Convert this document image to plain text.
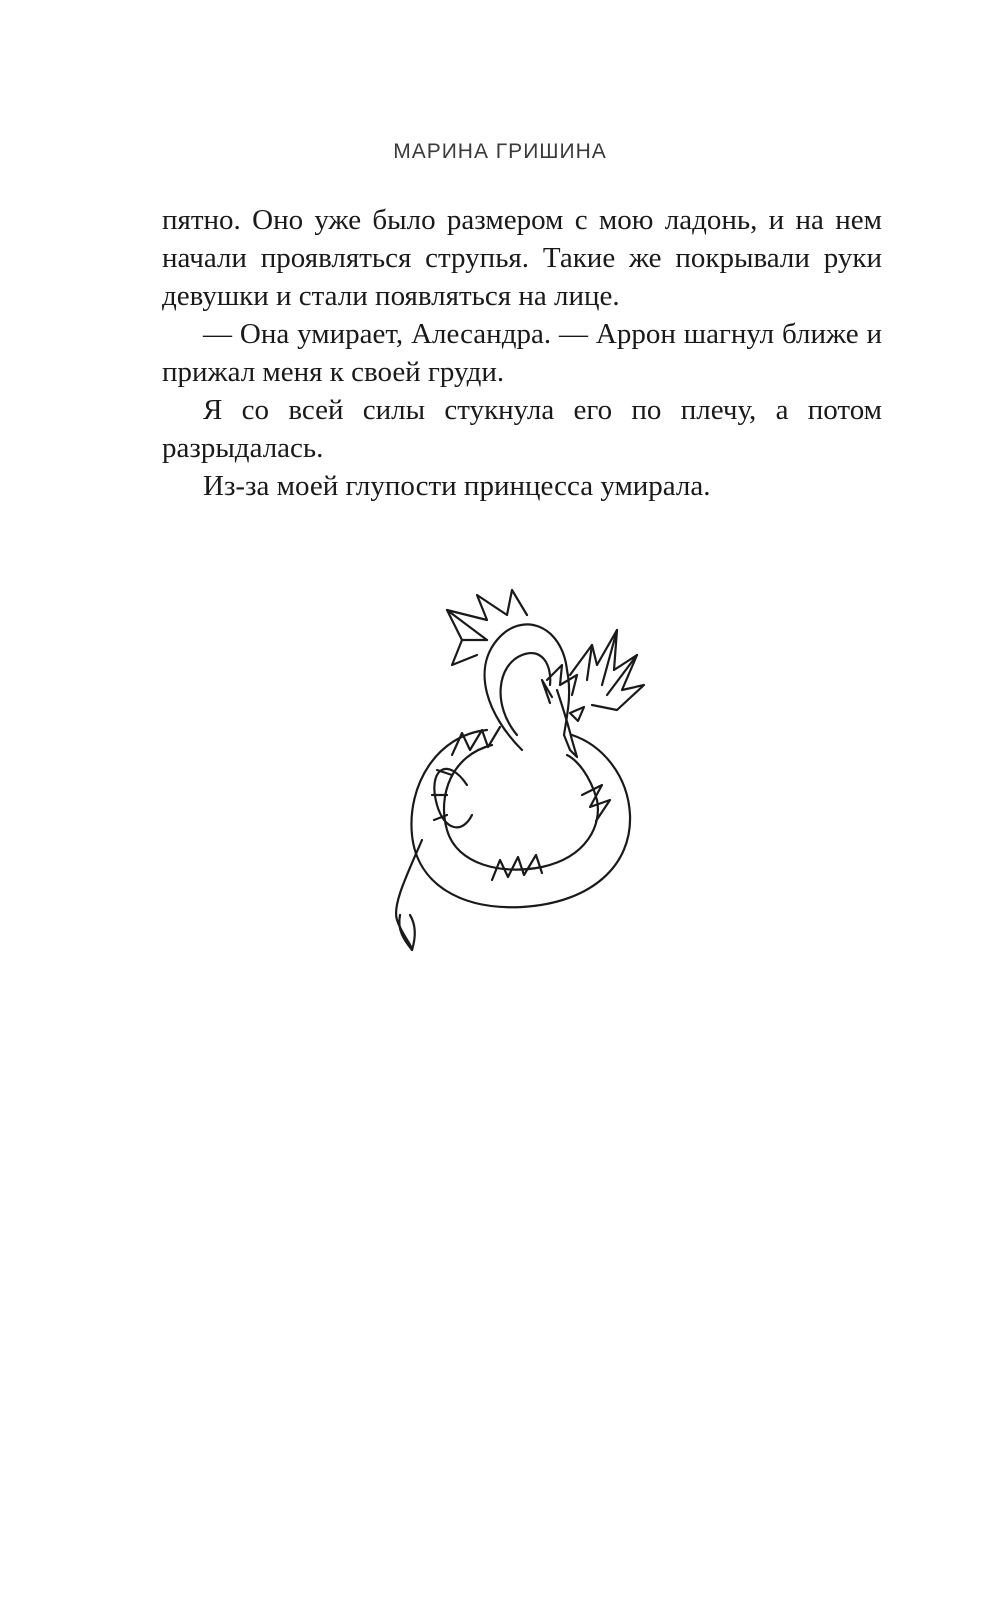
МАРИНА ГРИШИНА

пятно. Оно уже было размером с мою ладонь, и на нем начали проявляться струпья. Такие же покрывали руки девушки и стали появляться на лице.

— Она умирает, Алесандра. — Аррон шагнул ближе и прижал меня к своей груди.

Я со всей силы стукнула его по плечу, а потом разрыдалась.

Из-за моей глупости принцесса умирала.
